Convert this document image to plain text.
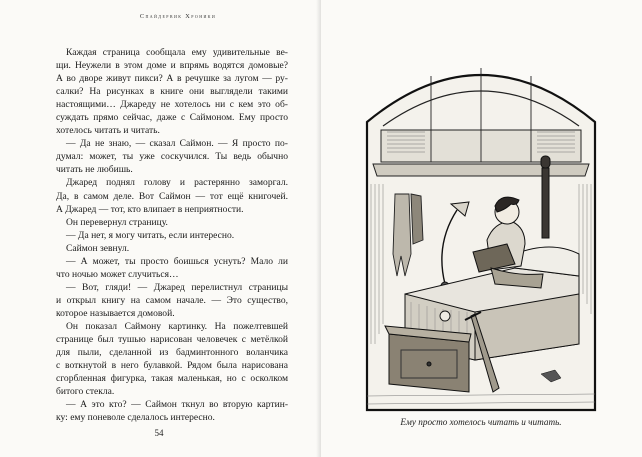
Спайдервик Хроники
Каждая страница сообщала ему удивительные ве-
щи. Неужели в этом доме и впрямь водятся домовые?
А во дворе живут пикси? А в речушке за лугом — ру-
салки? На рисунках в книге они выглядели такими
настоящими… Джареду не хотелось ни с кем это об-
суждать прямо сейчас, даже с Саймоном. Ему просто
хотелось читать и читать.
— Да не знаю, — сказал Саймон. — Я просто по-
думал: может, ты уже соскучился. Ты ведь обычно
читать не любишь.
Джаред поднял голову и растерянно заморгал.
Да, в самом деле. Вот Саймон — тот ещё книгочей.
А Джаред — тот, кто влипает в неприятности.
Он перевернул страницу.
— Да нет, я могу читать, если интересно.
Саймон зевнул.
— А может, ты просто боишься уснуть? Мало ли
что ночью может случиться…
— Вот, гляди! — Джаред перелистнул страницы
и открыл книгу на самом начале. — Это существо,
которое называется домовой.
Он показал Саймону картинку. На пожелтевшей
странице был тушью нарисован человечек с метёлкой
для пыли, сделанной из бадминтонного воланчика
с воткнутой в него булавкой. Рядом была нарисована
сгорбленная фигурка, такая маленькая, но с осколком
битого стекла.
— А это кто? — Саймон ткнул во вторую картин-
ку: ему поневоле сделалось интересно.
54
Ему просто хотелось читать и читать.
